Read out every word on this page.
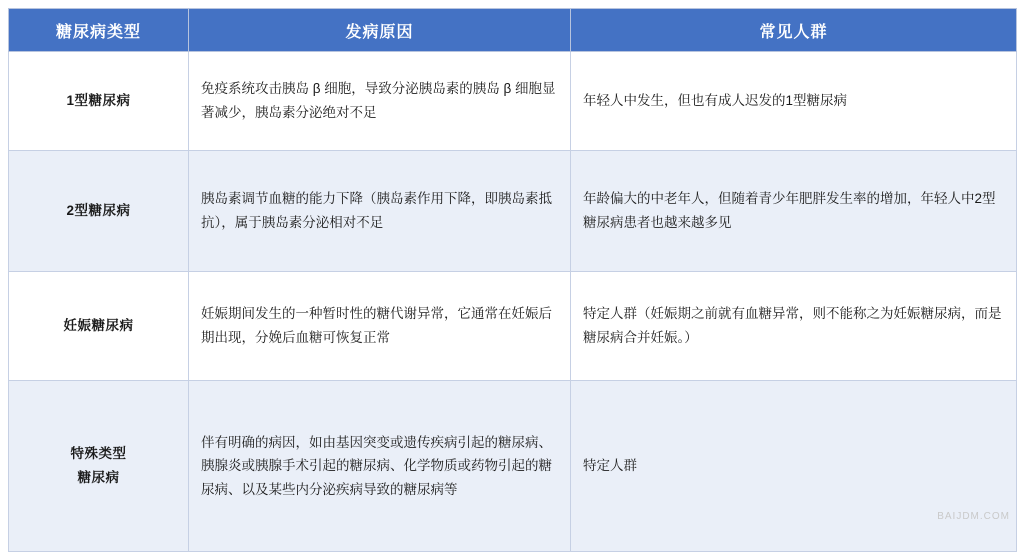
糖尿病类型	发病原因	常见人群

1型糖尿病	免疫系统攻击胰岛 β 细胞，导致分泌胰岛素的胰岛 β 细胞显著减少，胰岛素分泌绝对不足	年轻人中发生，但也有成人迟发的1型糖尿病

2型糖尿病	胰岛素调节血糖的能力下降（胰岛素作用下降，即胰岛素抵抗），属于胰岛素分泌相对不足	年龄偏大的中老年人，但随着青少年肥胖发生率的增加，年轻人中2型糖尿病患者也越来越多见

妊娠糖尿病	妊娠期间发生的一种暂时性的糖代谢异常，它通常在妊娠后期出现，分娩后血糖可恢复正常	特定人群（妊娠期之前就有血糖异常，则不能称之为妊娠糖尿病，而是糖尿病合并妊娠。）

特殊类型
糖尿病	伴有明确的病因，如由基因突变或遗传疾病引起的糖尿病、胰腺炎或胰腺手术引起的糖尿病、化学物质或药物引起的糖尿病、以及某些内分泌疾病导致的糖尿病等	特定人群
BAIJDM.COM
